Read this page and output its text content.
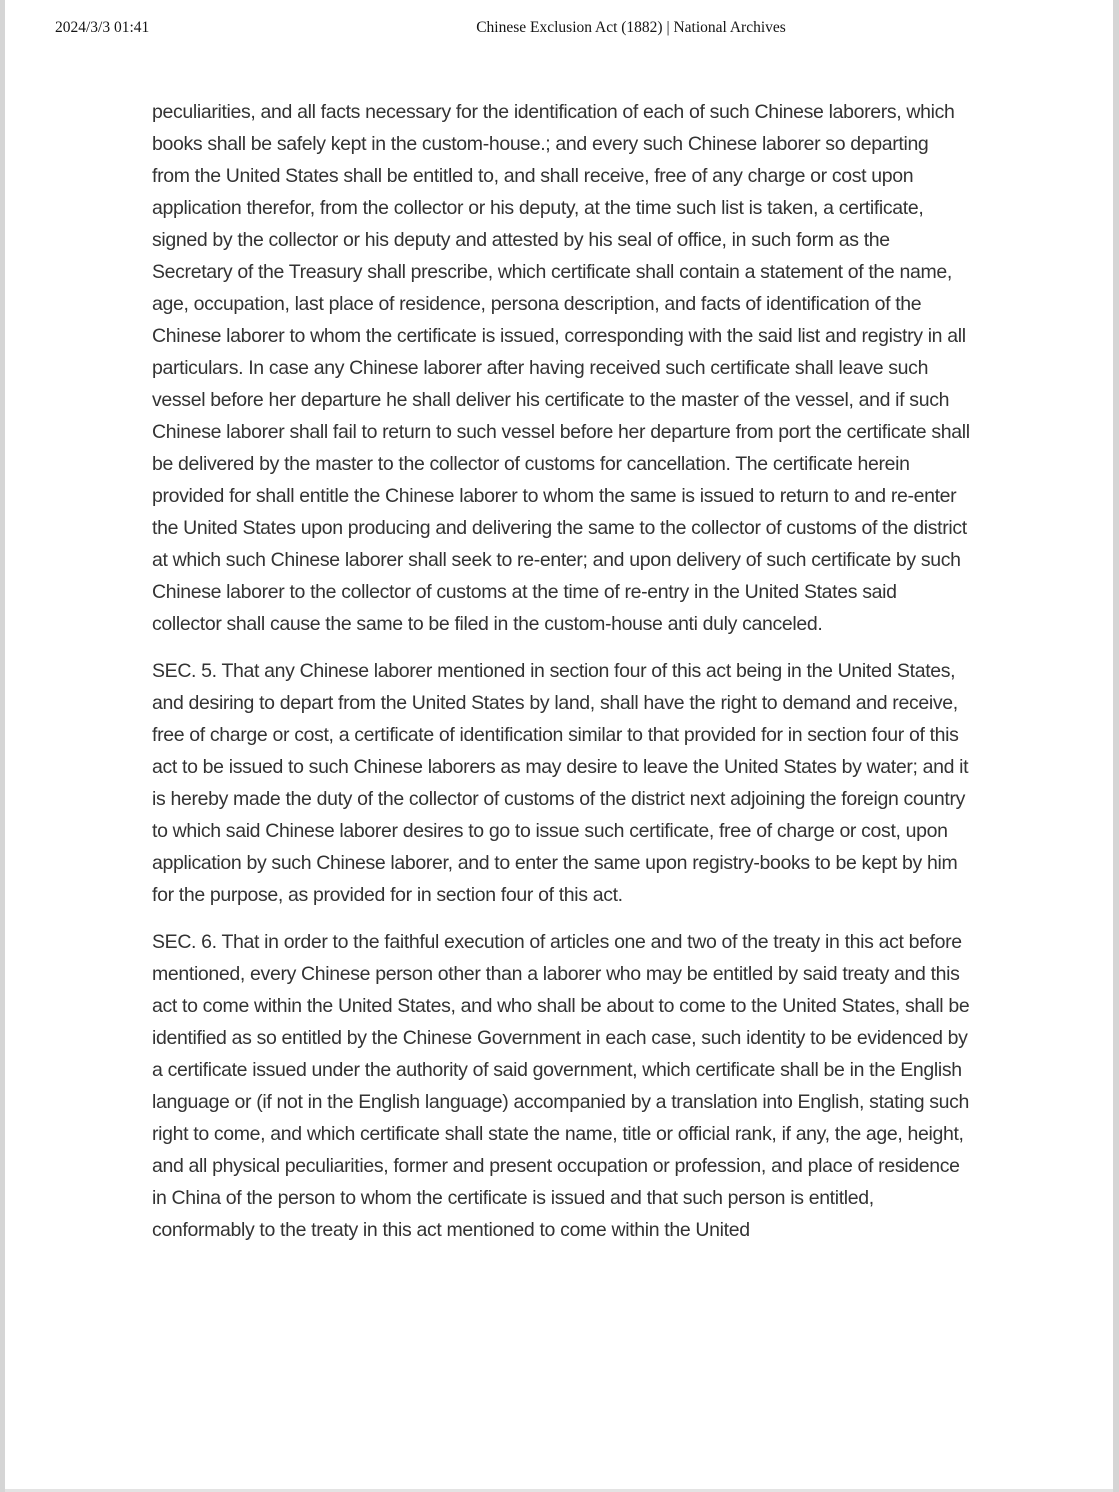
2024/3/3 01:41	Chinese Exclusion Act (1882) | National Archives

peculiarities, and all facts necessary for the identification of each of such Chinese laborers, which books shall be safely kept in the custom-house.; and every such Chinese laborer so departing from the United States shall be entitled to, and shall receive, free of any charge or cost upon application therefor, from the collector or his deputy, at the time such list is taken, a certificate, signed by the collector or his deputy and attested by his seal of office, in such form as the Secretary of the Treasury shall prescribe, which certificate shall contain a statement of the name, age, occupation, last place of residence, persona description, and facts of identification of the Chinese laborer to whom the certificate is issued, corresponding with the said list and registry in all particulars. In case any Chinese laborer after having received such certificate shall leave such vessel before her departure he shall deliver his certificate to the master of the vessel, and if such Chinese laborer shall fail to return to such vessel before her departure from port the certificate shall be delivered by the master to the collector of customs for cancellation. The certificate herein provided for shall entitle the Chinese laborer to whom the same is issued to return to and re-enter the United States upon producing and delivering the same to the collector of customs of the district at which such Chinese laborer shall seek to re-enter; and upon delivery of such certificate by such Chinese laborer to the collector of customs at the time of re-entry in the United States said collector shall cause the same to be filed in the custom-house anti duly canceled.

SEC. 5. That any Chinese laborer mentioned in section four of this act being in the United States, and desiring to depart from the United States by land, shall have the right to demand and receive, free of charge or cost, a certificate of identification similar to that provided for in section four of this act to be issued to such Chinese laborers as may desire to leave the United States by water; and it is hereby made the duty of the collector of customs of the district next adjoining the foreign country to which said Chinese laborer desires to go to issue such certificate, free of charge or cost, upon application by such Chinese laborer, and to enter the same upon registry-books to be kept by him for the purpose, as provided for in section four of this act.

SEC. 6. That in order to the faithful execution of articles one and two of the treaty in this act before mentioned, every Chinese person other than a laborer who may be entitled by said treaty and this act to come within the United States, and who shall be about to come to the United States, shall be identified as so entitled by the Chinese Government in each case, such identity to be evidenced by a certificate issued under the authority of said government, which certificate shall be in the English language or (if not in the English language) accompanied by a translation into English, stating such right to come, and which certificate shall state the name, title or official rank, if any, the age, height, and all physical peculiarities, former and present occupation or profession, and place of residence in China of the person to whom the certificate is issued and that such person is entitled, conformably to the treaty in this act mentioned to come within the United
